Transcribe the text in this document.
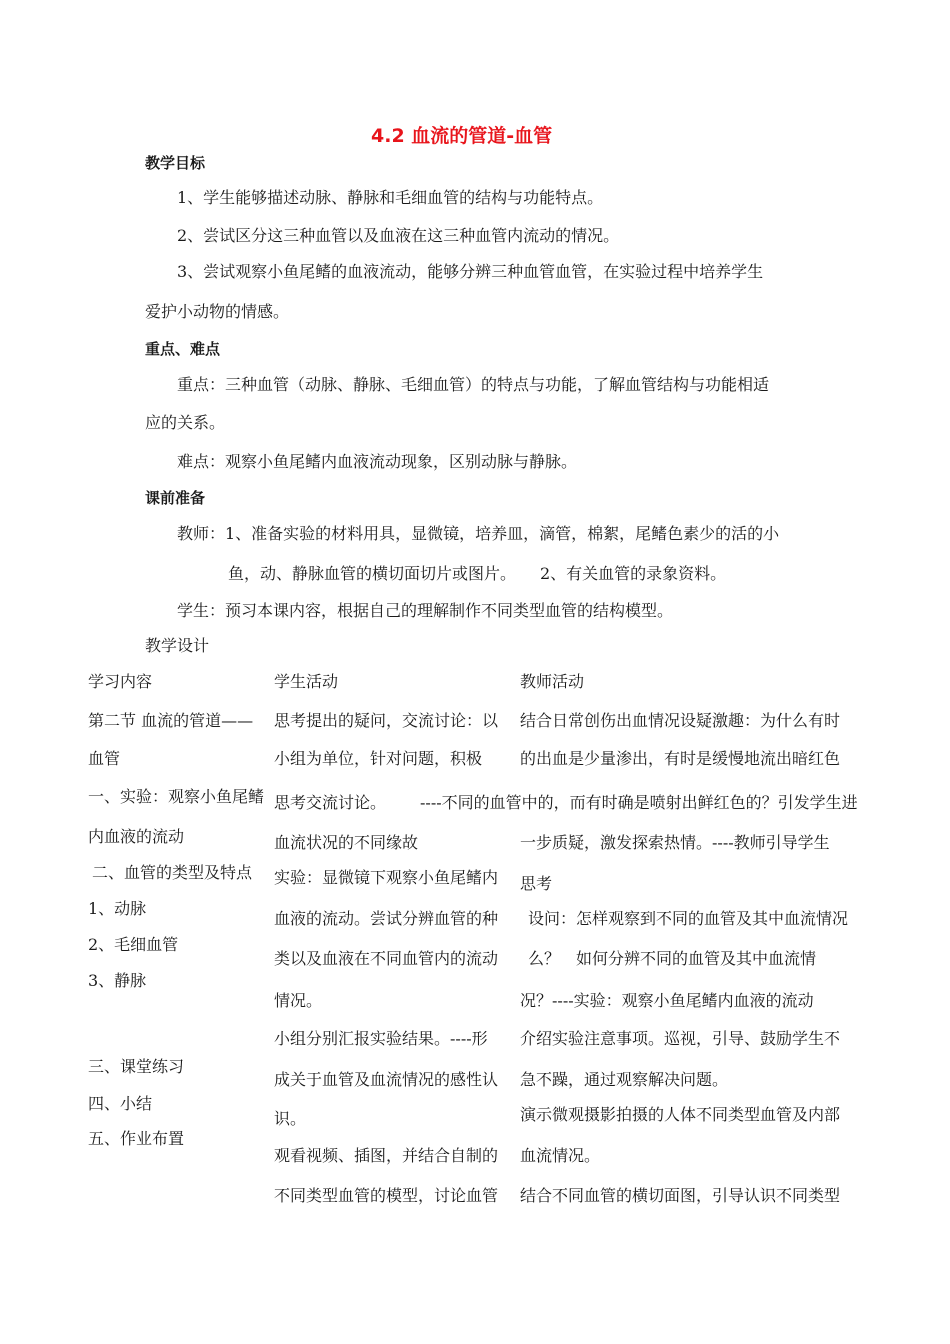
4.2 血流的管道-血管
教学目标
1、学生能够描述动脉、静脉和毛细血管的结构与功能特点。
2、尝试区分这三种血管以及血液在这三种血管内流动的情况。
3、尝试观察小鱼尾鳍的血液流动，能够分辨三种血管血管，在实验过程中培养学生
爱护小动物的情感。
重点、难点
重点：三种血管（动脉、静脉、毛细血管）的特点与功能，了解血管结构与功能相适
应的关系。
难点：观察小鱼尾鳍内血液流动现象，区别动脉与静脉。
课前准备
教师：1、准备实验的材料用具，显微镜，培养皿，滴管，棉絮，尾鳍色素少的活的小
鱼，动、静脉血管的横切面切片或图片。　　2、有关血管的录象资料。
学生：预习本课内容，根据自己的理解制作不同类型血管的结构模型。
教学设计
学习内容	学生活动	教师活动
第二节 血流的管道——
血管
一、实验：观察小鱼尾鳍
内血液的流动
二、血管的类型及特点
1、动脉
2、毛细血管
3、静脉
三、课堂练习
四、小结
五、作业布置
思考提出的疑问，交流讨论：以
小组为单位，针对问题，积极
思考交流讨论。
血流状况的不同缘故
实验：显微镜下观察小鱼尾鳍内
血液的流动。尝试分辨血管的种
类以及血液在不同血管内的流动
情况。
小组分别汇报实验结果。----形
成关于血管及血流情况的感性认
识。
观看视频、插图，并结合自制的
不同类型血管的模型，讨论血管
结合日常创伤出血情况设疑激趣：为什么有时
的出血是少量渗出，有时是缓慢地流出暗红色
----不同的血管中的，而有时确是喷射出鲜红色的？引发学生进
一步质疑，激发探索热情。----教师引导学生
思考
设问：怎样观察到不同的血管及其中血流情况
么？　如何分辨不同的血管及其中血流情
况？----实验：观察小鱼尾鳍内血液的流动
介绍实验注意事项。巡视，引导、鼓励学生不
急不躁，通过观察解决问题。
演示微观摄影拍摄的人体不同类型血管及内部
血流情况。
结合不同血管的横切面图，引导认识不同类型
